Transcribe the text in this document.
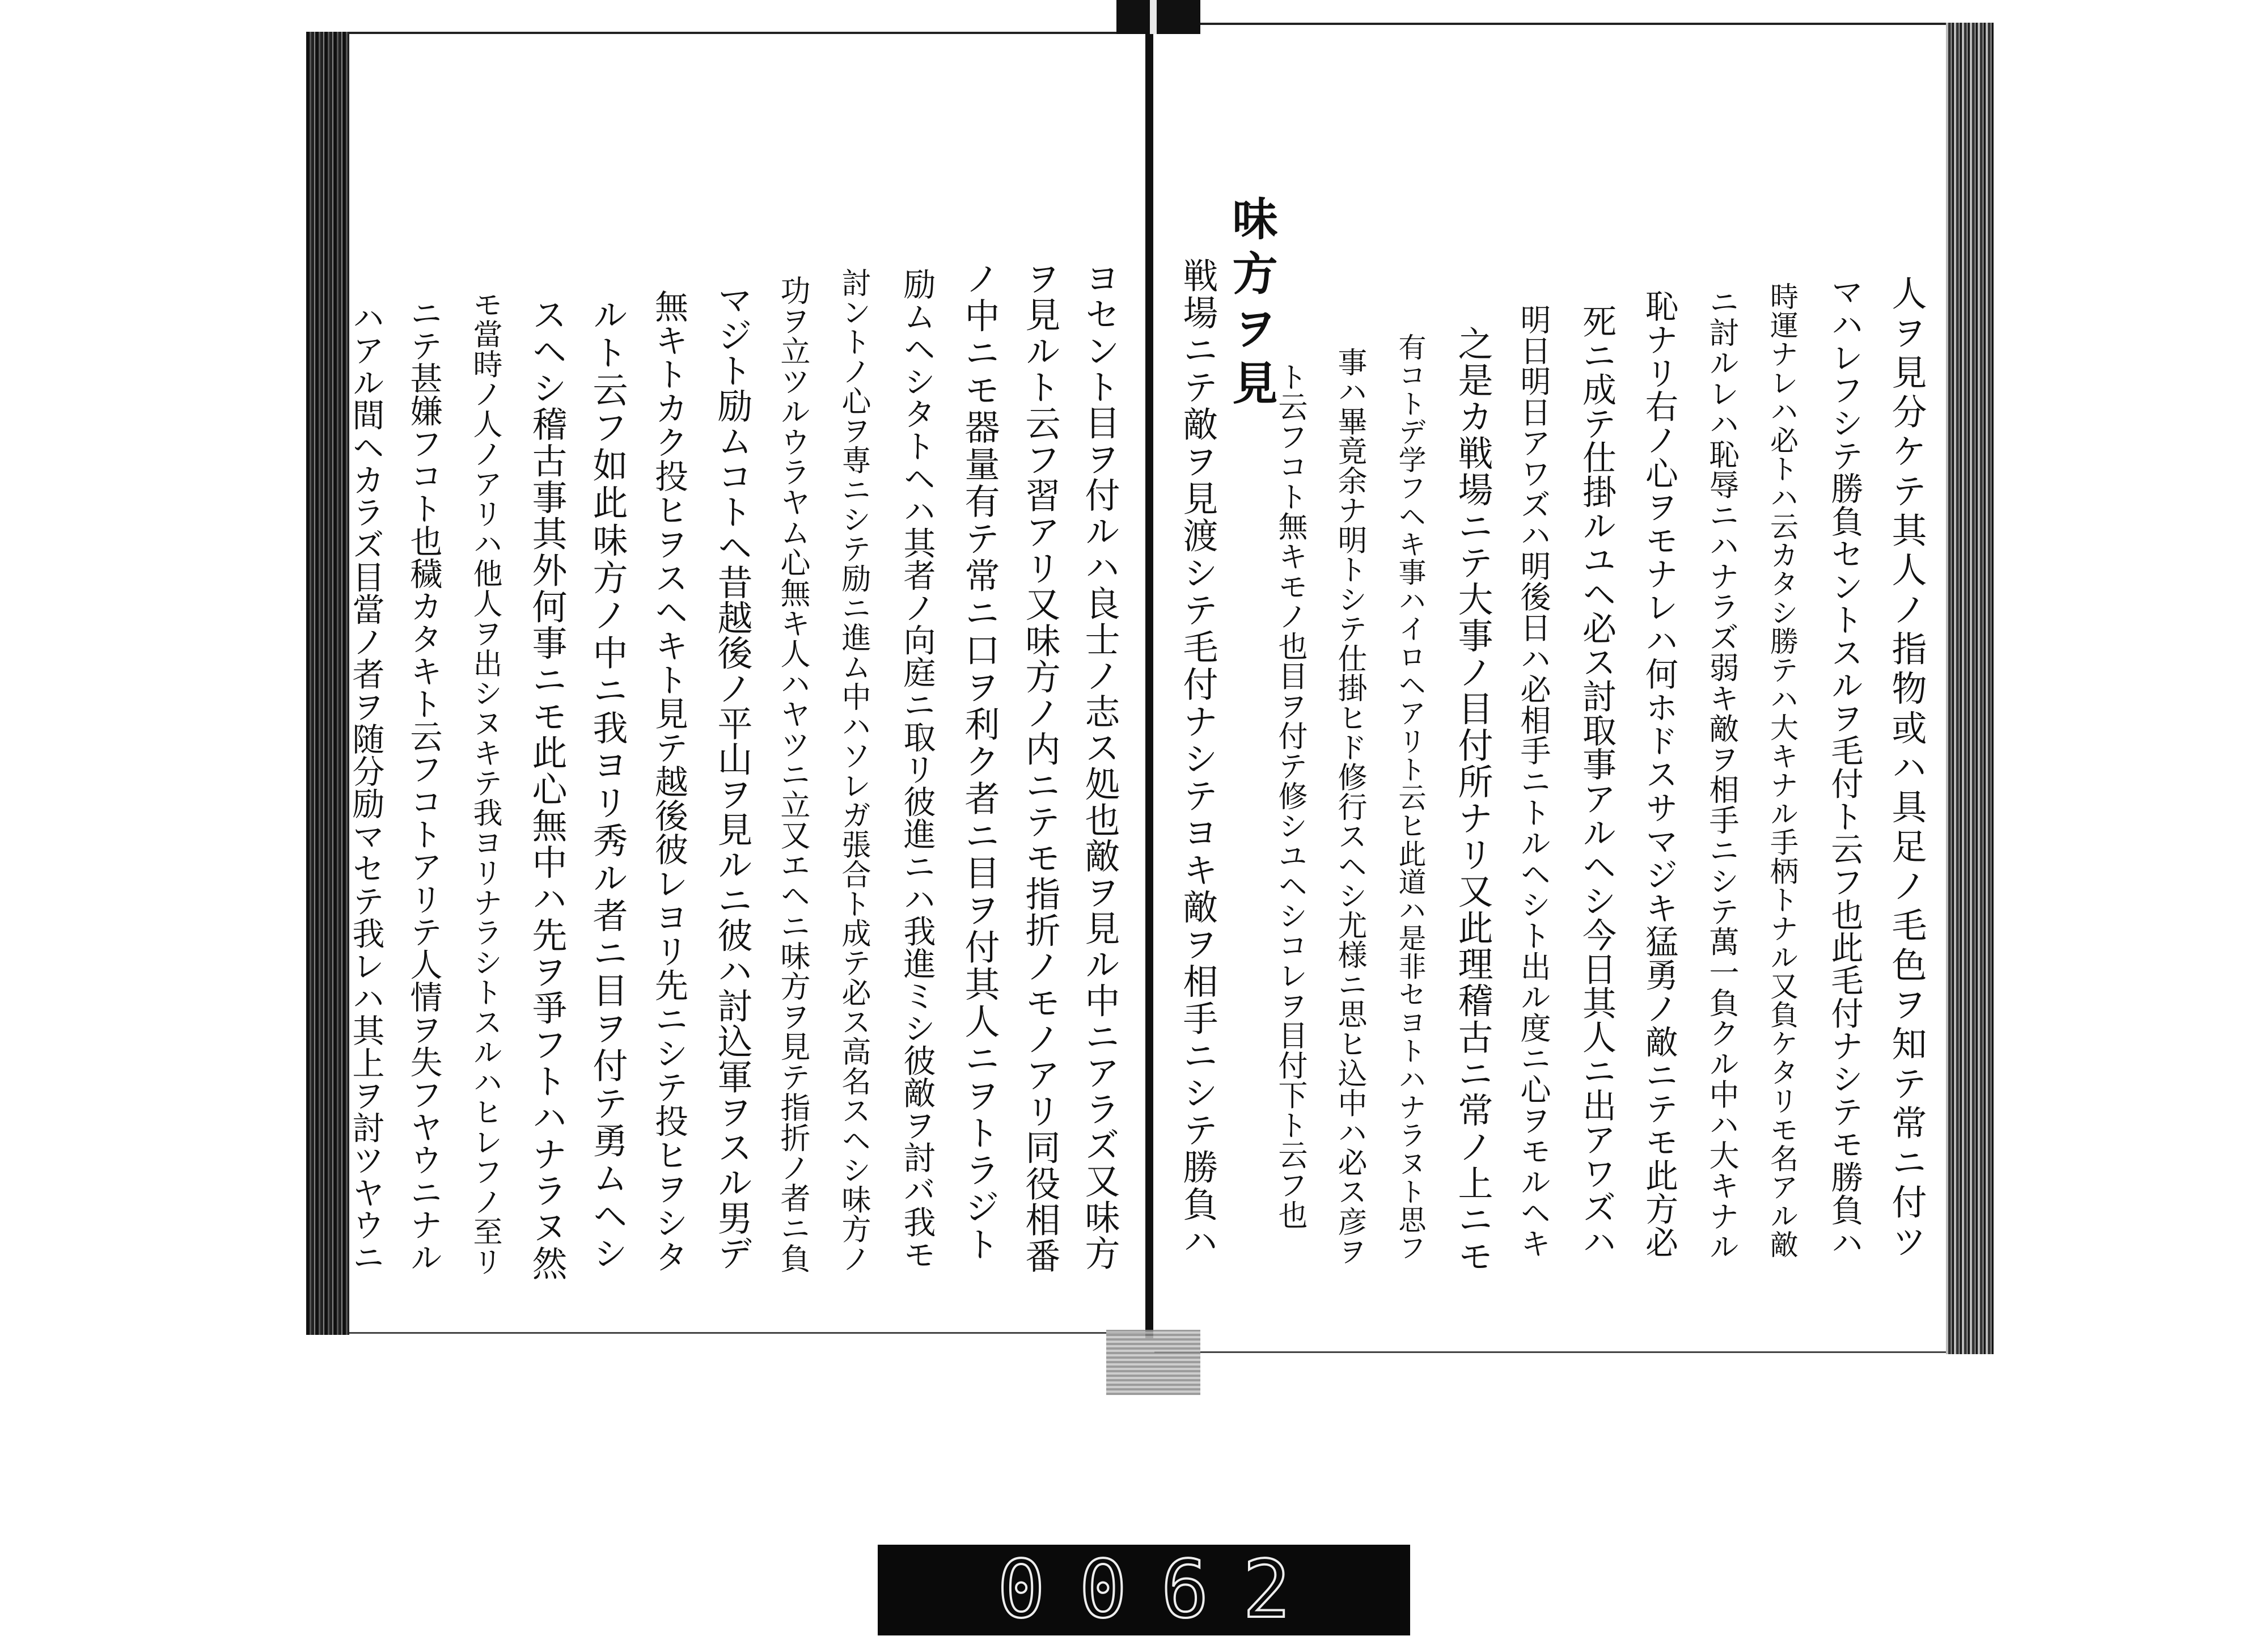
人ヲ見分ケテ其人ノ指物或ハ具足ノ毛色ヲ知テ常ニ付ツ
マハレフシテ勝負セントスルヲ毛付ト云フ也此毛付ナシテモ勝負ハ
時運ナレハ必トハ云カタシ勝テハ大キナル手柄トナル又負ケタリモ名アル敵
ニ討ルレハ恥辱ニハナラズ弱キ敵ヲ相手ニシテ萬一負クル中ハ大キナル
恥ナリ右ノ心ヲモナレハ何ホドスサマジキ猛勇ノ敵ニテモ此方必
死ニ成テ仕掛ルユヘ必ス討取事アルヘシ今日其人ニ出アワズハ
明日明日アワズハ明後日ハ必相手ニトルヘシト出ル度ニ心ヲモルヘキ
之是カ戦場ニテ大事ノ目付所ナリ又此理稽古ニ常ノ上ニモ
有コトデ学フヘキ事ハイロヘアリト云ヒ此道ハ是非セヨトハナラヌト思フ
事ハ畢竟余ナ明トシテ仕掛ヒド修行スヘシ尤様ニ思ヒ込中ハ必ス彦ヲ
ト云フコト無キモノ也目ヲ付テ修シユヘシコレヲ目付下ト云フ也
味方ヲ見
戦場ニテ敵ヲ見渡シテ毛付ナシテヨキ敵ヲ相手ニシテ勝負ハ
ヨセント目ヲ付ルハ良士ノ志ス処也敵ヲ見ル中ニアラズ又味方
ヲ見ルト云フ習アリ又味方ノ内ニテモ指折ノモノアリ同役相番
ノ中ニモ器量有テ常ニ口ヲ利ク者ニ目ヲ付其人ニヲトラジト
励ムヘシタトヘハ其者ノ向庭ニ取リ彼進ニハ我進ミシ彼敵ヲ討バ我モ
討ントノ心ヲ専ニシテ励ニ進ム中ハソレガ張合ト成テ必ス高名スヘシ味方ノ
功ヲ立ツルウラヤム心無キ人ハヤツニ立又エヘニ味方ヲ見テ指折ノ者ニ負
マジト励ムコトヘ昔越後ノ平山ヲ見ルニ彼ハ討込軍ヲスル男デ
無キトカク投ヒヲスヘキト見テ越後彼レヨリ先ニシテ投ヒヲシタ
ルト云フ如此味方ノ中ニ我ヨリ秀ル者ニ目ヲ付テ勇ムヘシ
スヘシ稽古事其外何事ニモ此心無中ハ先ヲ爭フトハナラヌ然
モ當時ノ人ノアリハ他人ヲ出シヌキテ我ヨリナラシトスルハヒレフノ至リ
ニテ甚嫌フコト也穢カタキト云フコトアリテ人情ヲ失フヤウニナル
ハアル間ヘカラズ目當ノ者ヲ随分励マセテ我レハ其上ヲ討ツヤウニ
0062
